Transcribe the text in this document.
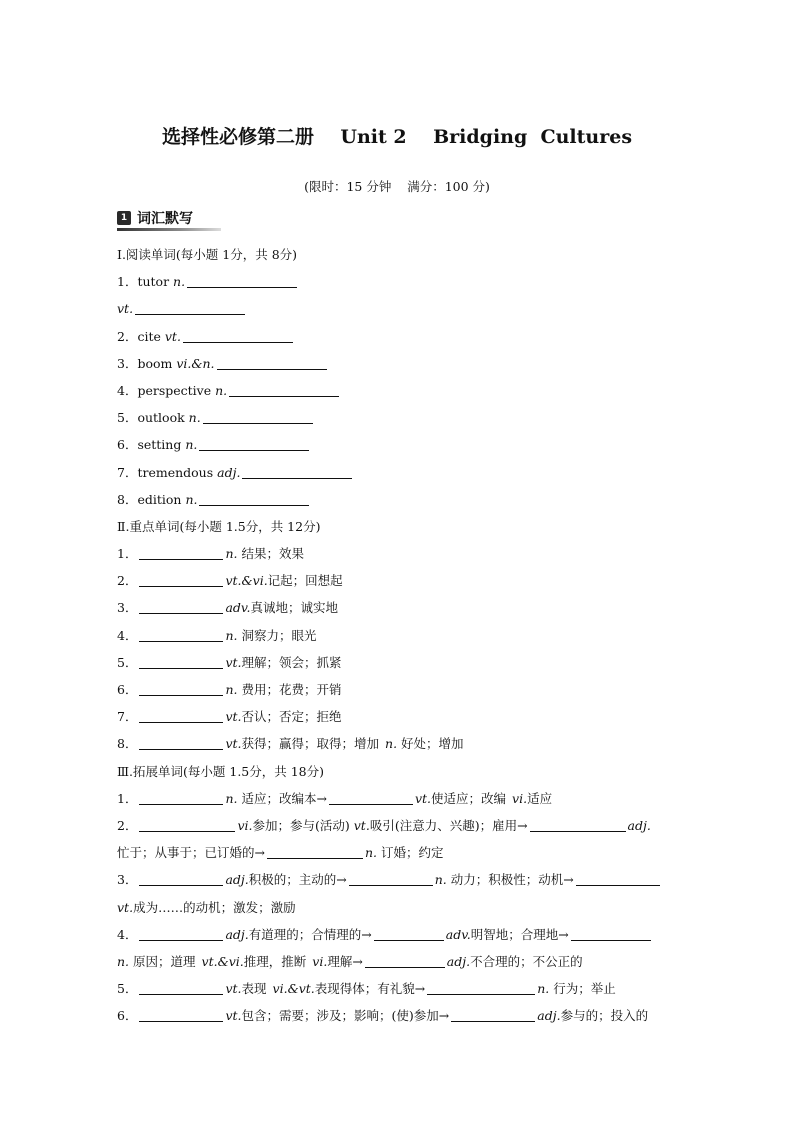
选择性必修第二册    Unit 2    Bridging  Cultures
(限时：15 分钟    满分：100 分)
1 词汇默写
Ⅰ.阅读单词(每小题 1分，共 8分)
1．tutor n.
vt.
2．cite vt.
3．boom vi.&n.
4．perspective n.
5．outlook n.
6．setting n.
7．tremendous adj.
8．edition n.
Ⅱ.重点单词(每小题 1.5分，共 12分)
1．	n. 结果；效果
2．	vt.&vi.记起；回想起
3．	adv.真诚地；诚实地
4．	n. 洞察力；眼光
5．	vt.理解；领会；抓紧
6．	n. 费用；花费；开销
7．	vt.否认；否定；拒绝
8．	vt.获得；赢得；取得；增加 n. 好处；增加
Ⅲ.拓展单词(每小题 1.5分，共 18分)
1．	n. 适应；改编本→	vt.使适应；改编 vi.适应
2．	vi.参加；参与(活动) vt.吸引(注意力、兴趣)；雇用→	adj.
忙于；从事于；已订婚的→	n. 订婚；约定
3．	adj.积极的；主动的→	n. 动力；积极性；动机→
vt.成为……的动机；激发；激励
4．	adj.有道理的；合情理的→	adv.明智地；合理地→
n. 原因；道理 vt.&vi.推理，推断 vi.理解→	adj.不合理的；不公正的
5．	vt.表现 vi.&vt.表现得体；有礼貌→	n. 行为；举止
6．	vt.包含；需要；涉及；影响；(使)参加→	adj.参与的；投入的
